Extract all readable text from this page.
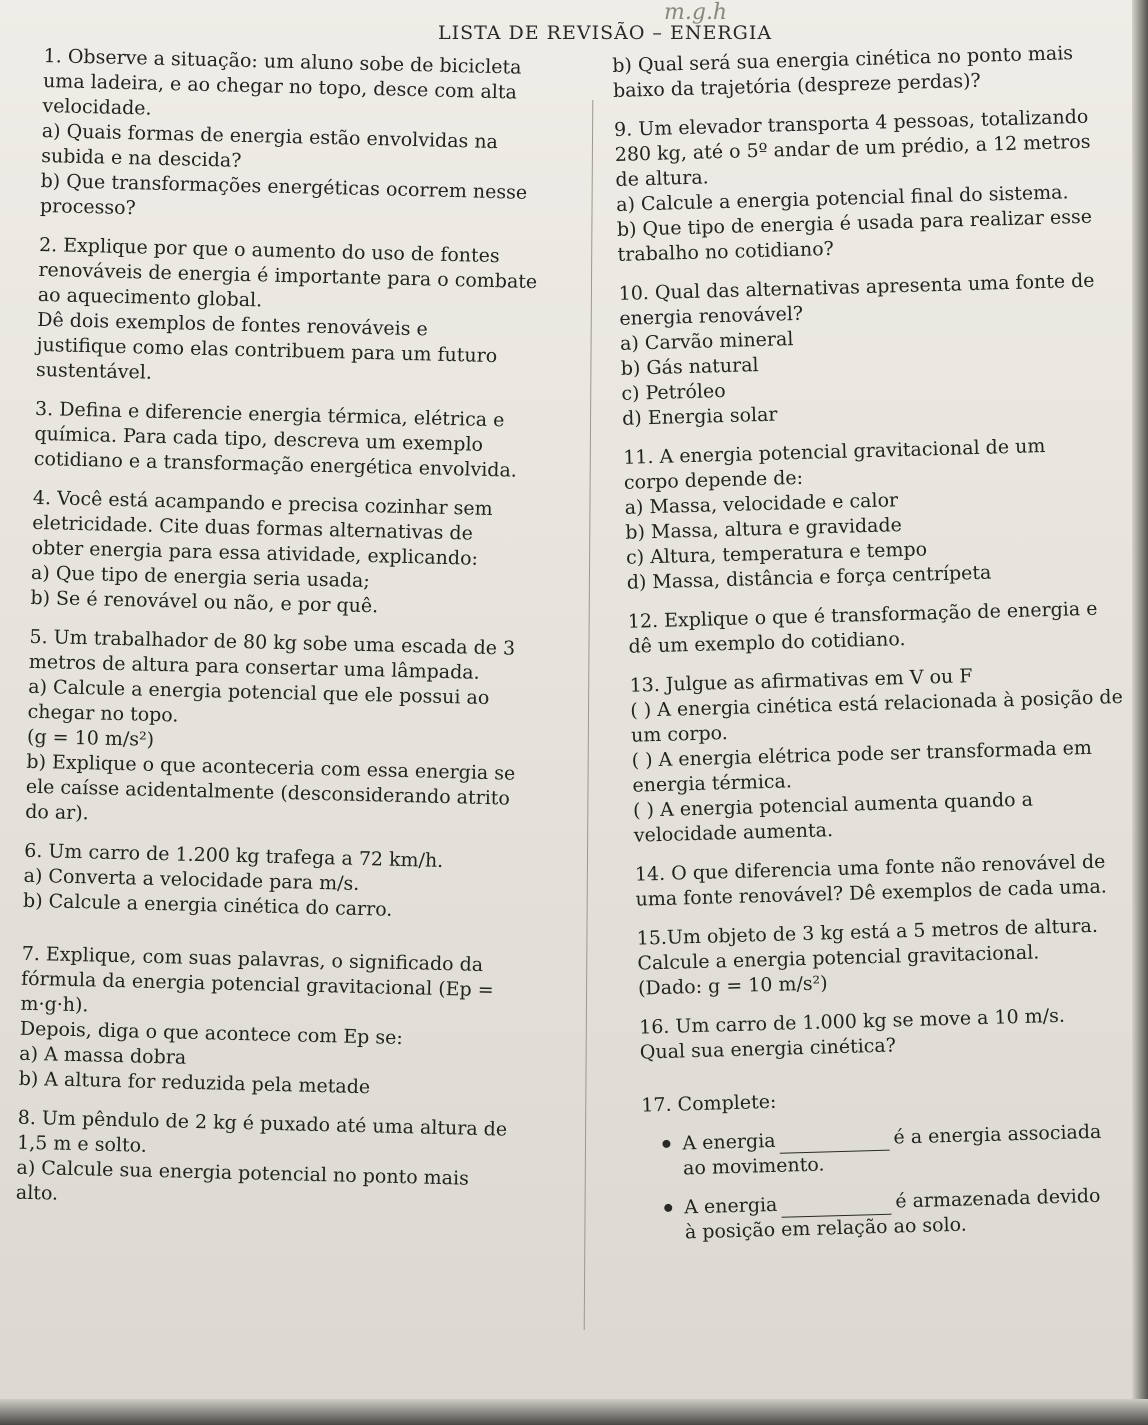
m.g.h
LISTA DE REVISÃO – ENERGIA

1. Observe a situação: um aluno sobe de bicicleta
uma ladeira, e ao chegar no topo, desce com alta
velocidade.

a) Quais formas de energia estão envolvidas na
subida e na descida?

b) Que transformações energéticas ocorrem nesse
processo?

2. Explique por que o aumento do uso de fontes
renováveis de energia é importante para o combate
ao aquecimento global.
Dê dois exemplos de fontes renováveis e
justifique como elas contribuem para um futuro
sustentável.

3. Defina e diferencie energia térmica, elétrica e
química. Para cada tipo, descreva um exemplo
cotidiano e a transformação energética envolvida.

4. Você está acampando e precisa cozinhar sem
eletricidade. Cite duas formas alternativas de
obter energia para essa atividade, explicando:
a) Que tipo de energia seria usada;
b) Se é renovável ou não, e por quê.

5. Um trabalhador de 80 kg sobe uma escada de 3
metros de altura para consertar uma lâmpada.
a) Calcule a energia potencial que ele possui ao
chegar no topo.
(g = 10 m/s²)
b) Explique o que aconteceria com essa energia se
ele caísse acidentalmente (desconsiderando atrito
do ar).

6. Um carro de 1.200 kg trafega a 72 km/h.
a) Converta a velocidade para m/s.
b) Calcule a energia cinética do carro.

7. Explique, com suas palavras, o significado da
fórmula da energia potencial gravitacional (Ep =
m·g·h).
Depois, diga o que acontece com Ep se:
a) A massa dobra
b) A altura for reduzida pela metade

8. Um pêndulo de 2 kg é puxado até uma altura de
1,5 m e solto.
a) Calcule sua energia potencial no ponto mais
alto.

b) Qual será sua energia cinética no ponto mais
baixo da trajetória (despreze perdas)?

9. Um elevador transporta 4 pessoas, totalizando
280 kg, até o 5º andar de um prédio, a 12 metros
de altura.
a) Calcule a energia potencial final do sistema.
b) Que tipo de energia é usada para realizar esse
trabalho no cotidiano?

10. Qual das alternativas apresenta uma fonte de
energia renovável?
a) Carvão mineral
b) Gás natural
c) Petróleo
d) Energia solar

11. A energia potencial gravitacional de um
corpo depende de:
a) Massa, velocidade e calor
b) Massa, altura e gravidade
c) Altura, temperatura e tempo
d) Massa, distância e força centrípeta

12. Explique o que é transformação de energia e
dê um exemplo do cotidiano.

13. Julgue as afirmativas em V ou F
( ) A energia cinética está relacionada à posição de
um corpo.
( ) A energia elétrica pode ser transformada em
energia térmica.
( ) A energia potencial aumenta quando a
velocidade aumenta.

14. O que diferencia uma fonte não renovável de
uma fonte renovável? Dê exemplos de cada uma.

15.Um objeto de 3 kg está a 5 metros de altura.
Calcule a energia potencial gravitacional.
(Dado: g = 10 m/s²)

16. Um carro de 1.000 kg se move a 10 m/s.
Qual sua energia cinética?

17. Complete:

A energia	é a energia associada
ao movimento.
A energia	é armazenada devido
à posição em relação ao solo.
